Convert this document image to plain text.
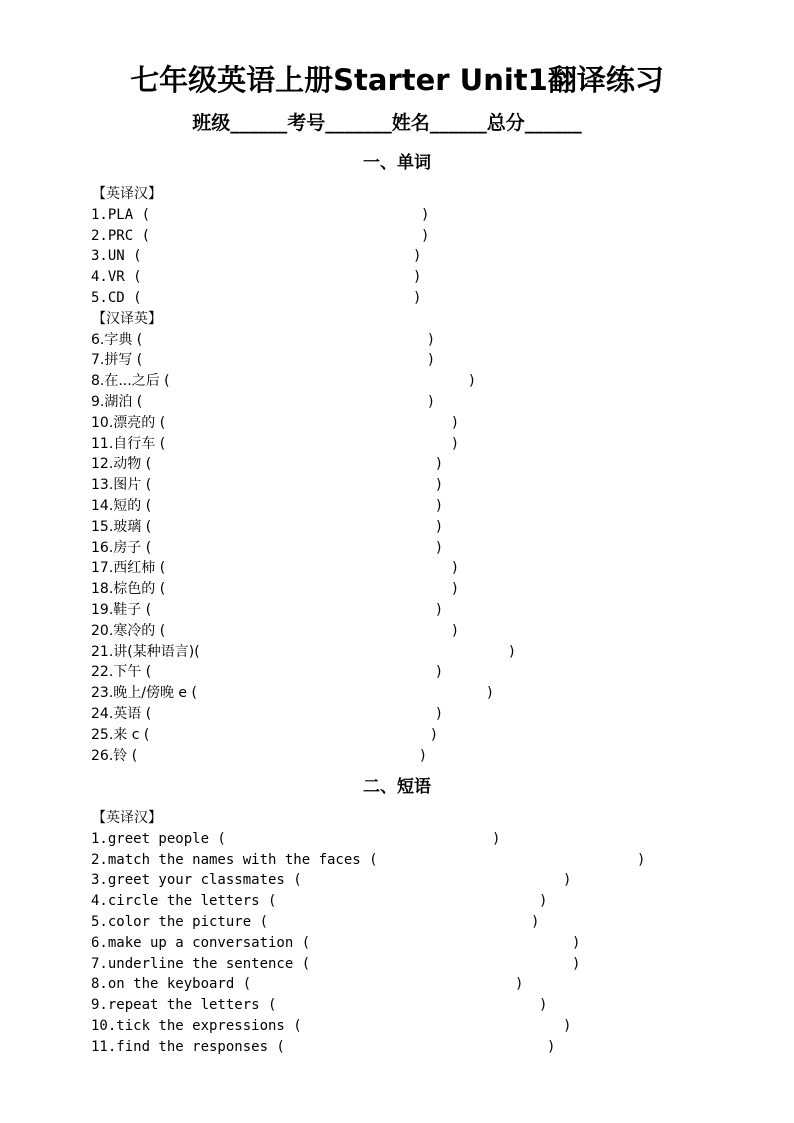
七年级英语上册Starter Unit1翻译练习
班级______考号_______姓名______总分______
一、单词
【英译汉】
1.PLA (	)
2.PRC (	)
3.UN (	)
4.VR (	)
5.CD (	)
【汉译英】
6.字典 (	)
7.拼写 (	)
8.在...之后 (	)
9.湖泊 (	)
10.漂亮的 (	)
11.自行车 (	)
12.动物 (	)
13.图片 (	)
14.短的 (	)
15.玻璃 (	)
16.房子 (	)
17.西红柿 (	)
18.棕色的 (	)
19.鞋子 (	)
20.寒冷的 (	)
21.讲(某种语言)(	)
22.下午 (	)
23.晚上/傍晚 e (	)
24.英语 (	)
25.来 c (	)
26.铃 (	)
二、短语
【英译汉】
1.greet people (	)
2.match the names with the faces (	)
3.greet your classmates (	)
4.circle the letters (	)
5.color the picture (	)
6.make up a conversation (	)
7.underline the sentence (	)
8.on the keyboard (	)
9.repeat the letters (	)
10.tick the expressions (	)
11.find the responses (	)
